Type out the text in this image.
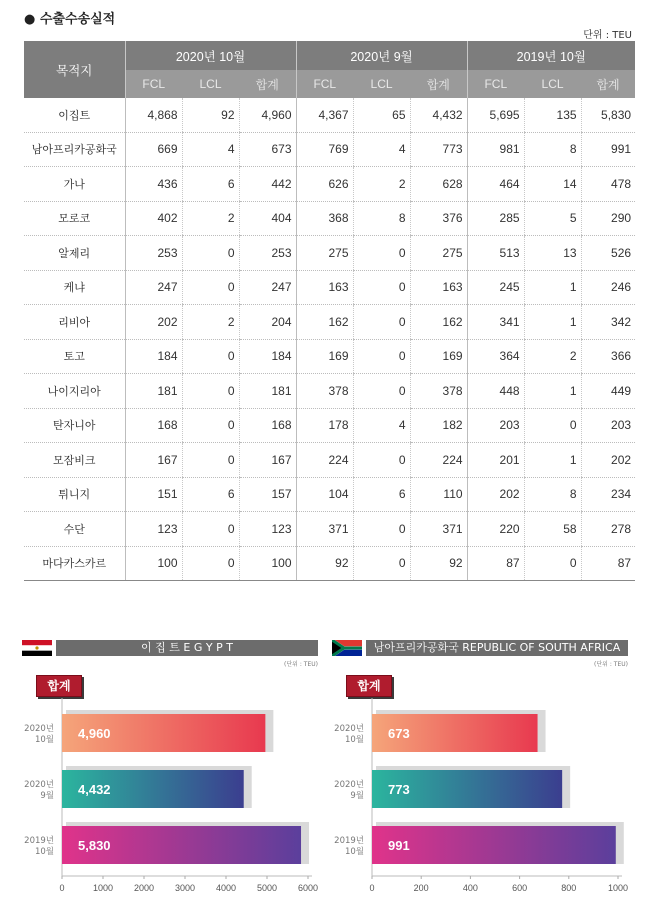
● 수출수송실적
단위 : TEU
목적지	2020년 10월			2020년 9월			2019년 10월		
	FCL	LCL	합계	FCL	LCL	합계	FCL	LCL	합계
이집트	4,868	92	4,960	4,367	65	4,432	5,695	135	5,830
남아프리카공화국	669	4	673	769	4	773	981	8	991
가나	436	6	442	626	2	628	464	14	478
모로코	402	2	404	368	8	376	285	5	290
알제리	253	0	253	275	0	275	513	13	526
케냐	247	0	247	163	0	163	245	1	246
리비아	202	2	204	162	0	162	341	1	342
토고	184	0	184	169	0	169	364	2	366
나이지리아	181	0	181	378	0	378	448	1	449
탄자니아	168	0	168	178	4	182	203	0	203
모잠비크	167	0	167	224	0	224	201	1	202
튀니지	151	6	157	104	6	110	202	8	234
수단	123	0	123	371	0	371	220	58	278
마다카스카르	100	0	100	92	0	92	87	0	87
이 집 트 E G Y P T
(단위 : TEU)
합계
0	1000 2000 3000 4000 5000 6000
4,960
2020년
10월
4,432
2020년
9월
5,830
2019년
10월
남아프리카공화국 REPUBLIC OF SOUTH AFRICA
(단위 : TEU)
합계
0	200	400	600	800	1000
673
2020년
10월
773
2020년
9월
991
2019년
10월
